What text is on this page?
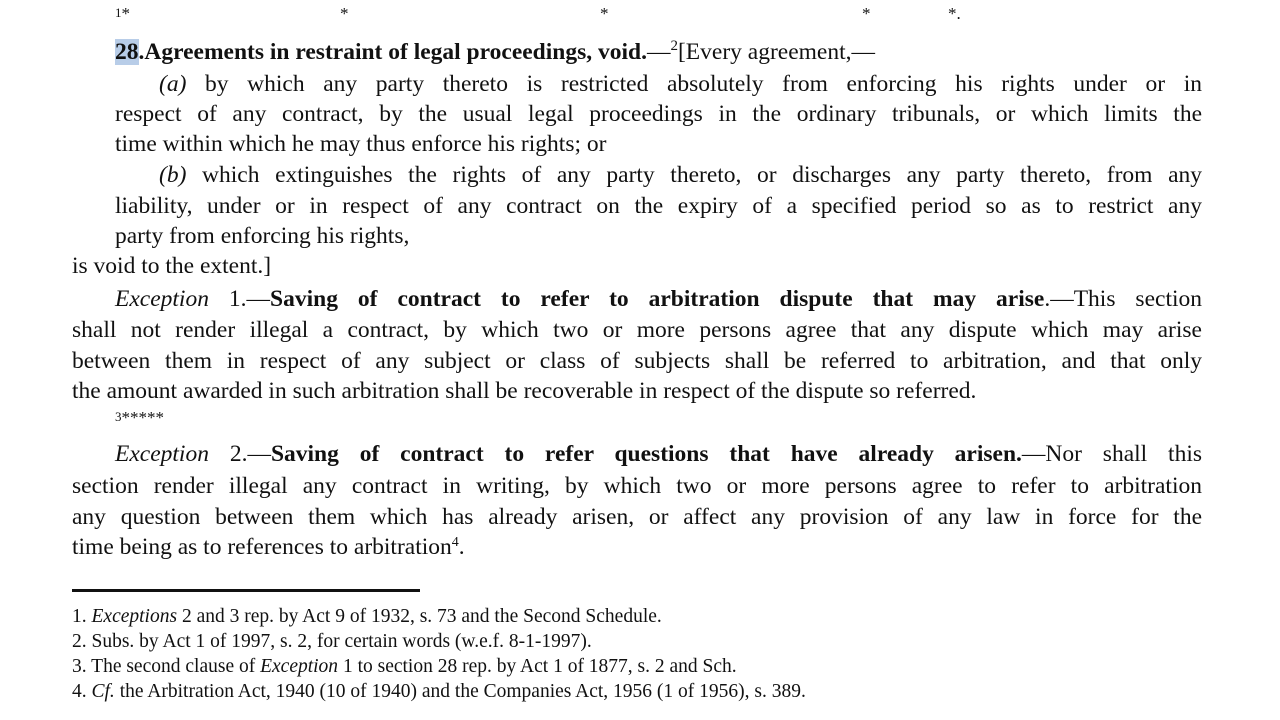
1*	*	*	*	*.
28.Agreements in restraint of legal proceedings, void.—$^2$[Every agreement,—
(a) by which any party thereto is restricted absolutely from enforcing his rights under or in
respect of any contract, by the usual legal proceedings in the ordinary tribunals, or which limits the
time within which he may thus enforce his rights; or
(b) which extinguishes the rights of any party thereto, or discharges any party thereto, from any
liability, under or in respect of any contract on the expiry of a specified period so as to restrict any
party from enforcing his rights,
is void to the extent.]
Exception 1.—Saving of contract to refer to arbitration dispute that may arise.—This section
shall not render illegal a contract, by which two or more persons agree that any dispute which may arise
between them in respect of any subject or class of subjects shall be referred to arbitration, and that only
the amount awarded in such arbitration shall be recoverable in respect of the dispute so referred.
3*****
Exception 2.—Saving of contract to refer questions that have already arisen.—Nor shall this
section render illegal any contract in writing, by which two or more persons agree to refer to arbitration
any question between them which has already arisen, or affect any provision of any law in force for the
time being as to references to arbitration$^4$.
1. Exceptions 2 and 3 rep. by Act 9 of 1932, s. 73 and the Second Schedule.
2. Subs. by Act 1 of 1997, s. 2, for certain words (w.e.f. 8-1-1997).
3. The second clause of Exception 1 to section 28 rep. by Act 1 of 1877, s. 2 and Sch.
4. Cf. the Arbitration Act, 1940 (10 of 1940) and the Companies Act, 1956 (1 of 1956), s. 389.
